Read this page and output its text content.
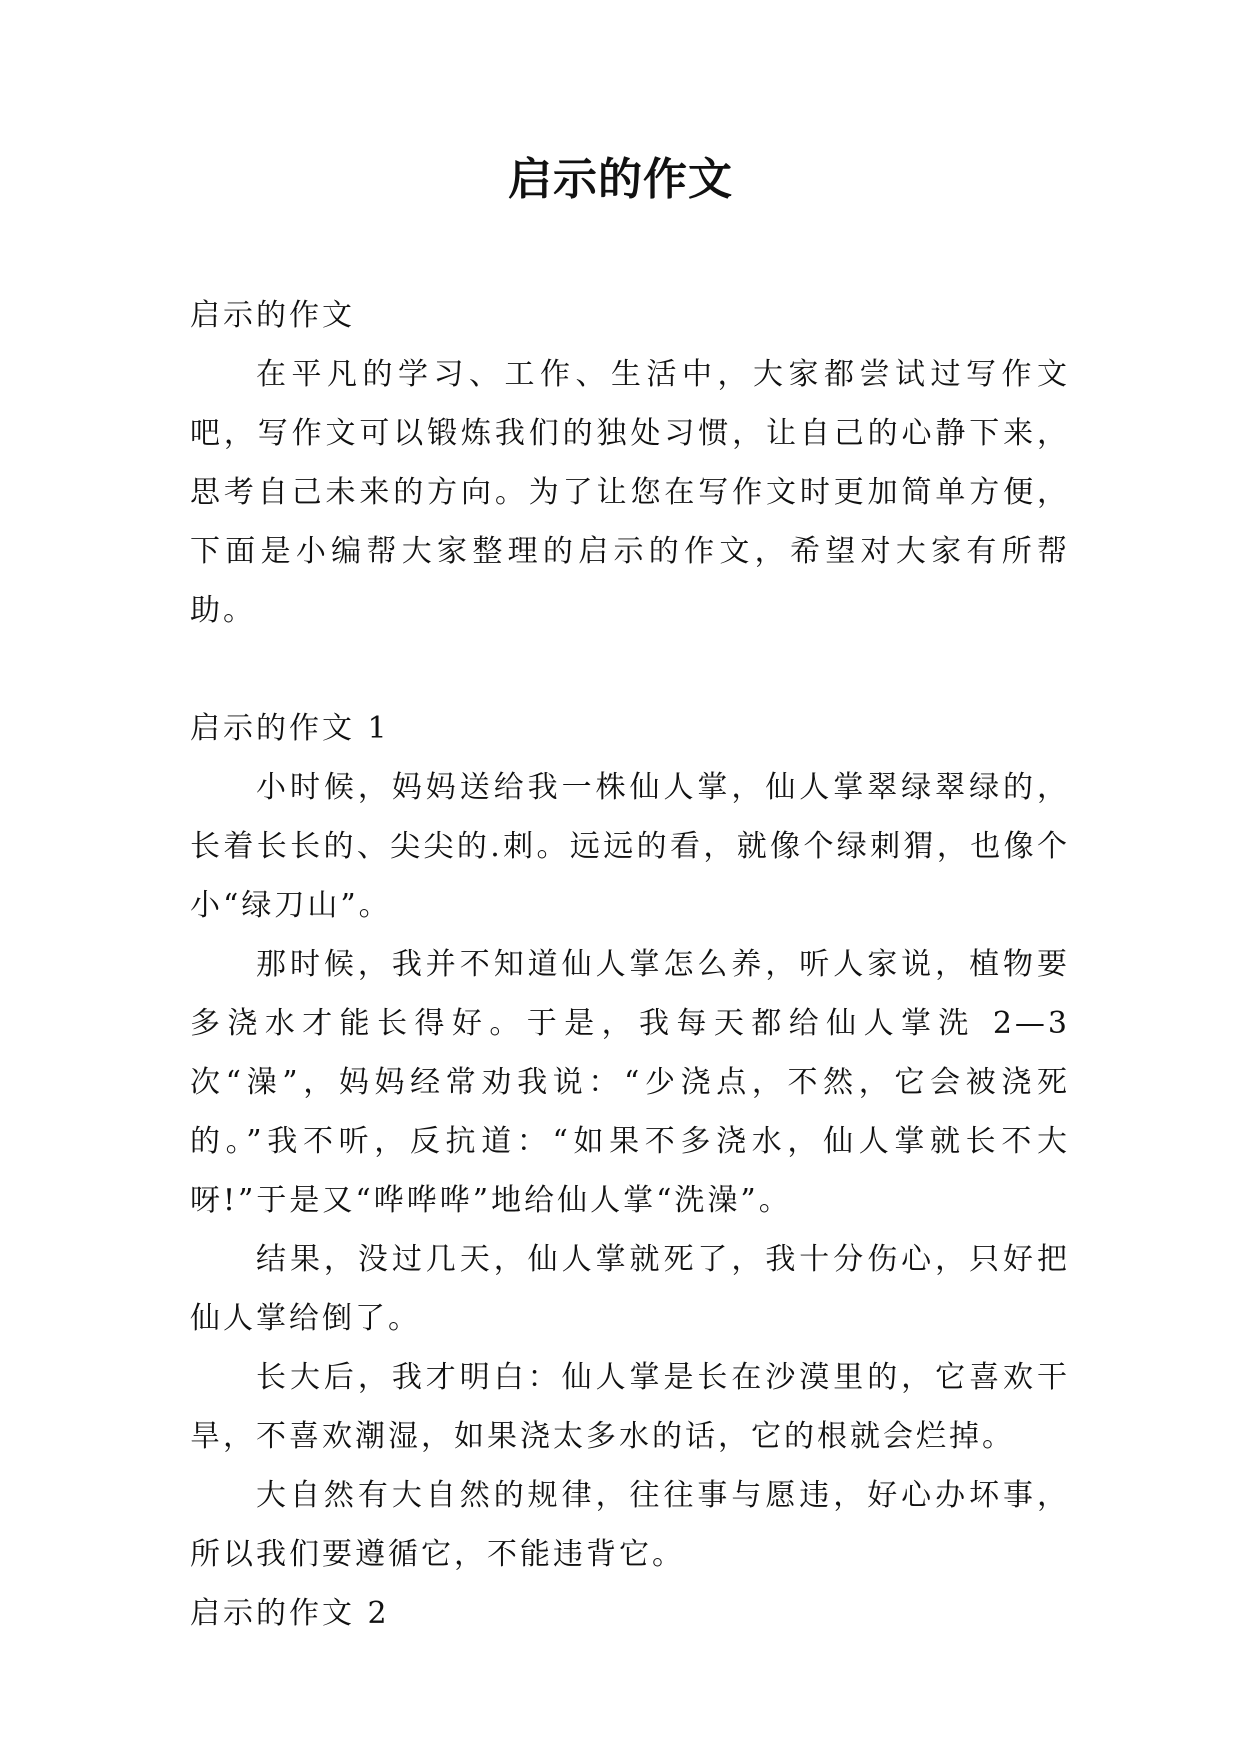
启示的作文

启示的作文

在平凡的学习、工作、生活中，大家都尝试过写作文吧，写作文可以锻炼我们的独处习惯，让自己的心静下来，思考自己未来的方向。为了让您在写作文时更加简单方便，下面是小编帮大家整理的启示的作文，希望对大家有所帮助。

启示的作文 1

小时候，妈妈送给我一株仙人掌，仙人掌翠绿翠绿的，长着长长的、尖尖的.刺。远远的看，就像个绿刺猬，也像个小“绿刀山”。

那时候，我并不知道仙人掌怎么养，听人家说，植物要多浇水才能长得好。于是，我每天都给仙人掌洗 2—3 次“澡”，妈妈经常劝我说：“少浇点，不然，它会被浇死的。”我不听，反抗道：“如果不多浇水，仙人掌就长不大呀!”于是又“哗哗哗”地给仙人掌“洗澡”。

结果，没过几天，仙人掌就死了，我十分伤心，只好把仙人掌给倒了。

长大后，我才明白：仙人掌是长在沙漠里的，它喜欢干旱，不喜欢潮湿，如果浇太多水的话，它的根就会烂掉。

大自然有大自然的规律，往往事与愿违，好心办坏事，所以我们要遵循它，不能违背它。

启示的作文 2
